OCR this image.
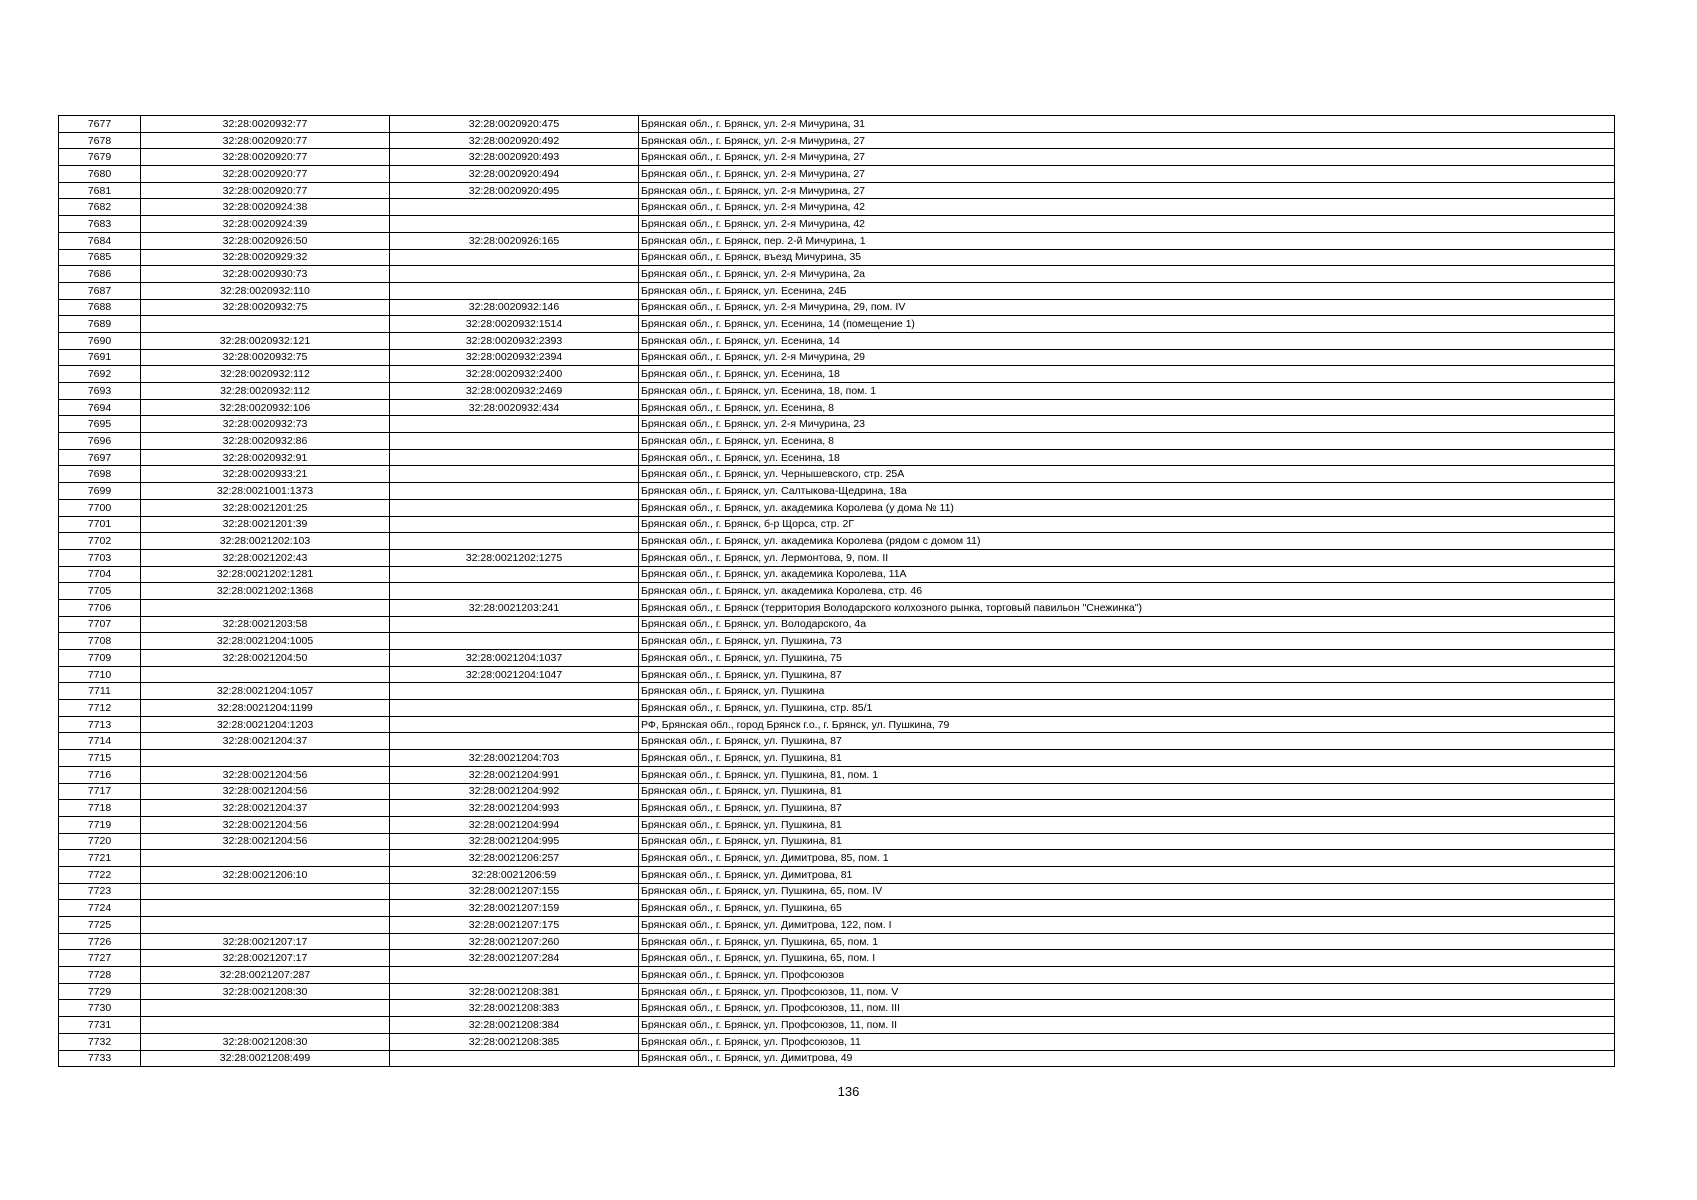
7677	32:28:0020932:77	32:28:0020920:475	Брянская обл., г. Брянск, ул. 2-я Мичурина, 31
7678	32:28:0020920:77	32:28:0020920:492	Брянская обл., г. Брянск, ул. 2-я Мичурина, 27
7679	32:28:0020920:77	32:28:0020920:493	Брянская обл., г. Брянск, ул. 2-я Мичурина, 27
7680	32:28:0020920:77	32:28:0020920:494	Брянская обл., г. Брянск, ул. 2-я Мичурина, 27
7681	32:28:0020920:77	32:28:0020920:495	Брянская обл., г. Брянск, ул. 2-я Мичурина, 27
7682	32:28:0020924:38		Брянская обл., г. Брянск, ул. 2-я Мичурина, 42
7683	32:28:0020924:39		Брянская обл., г. Брянск, ул. 2-я Мичурина, 42
7684	32:28:0020926:50	32:28:0020926:165	Брянская обл., г. Брянск, пер. 2-й Мичурина, 1
7685	32:28:0020929:32		Брянская обл., г. Брянск, въезд Мичурина, 35
7686	32:28:0020930:73		Брянская обл., г. Брянск, ул. 2-я Мичурина, 2а
7687	32:28:0020932:110		Брянская обл., г. Брянск, ул. Есенина, 24Б
7688	32:28:0020932:75	32:28:0020932:146	Брянская обл., г. Брянск, ул. 2-я Мичурина, 29, пом. IV
7689		32:28:0020932:1514	Брянская обл., г. Брянск, ул. Есенина, 14 (помещение 1)
7690	32:28:0020932:121	32:28:0020932:2393	Брянская обл., г. Брянск, ул. Есенина, 14
7691	32:28:0020932:75	32:28:0020932:2394	Брянская обл., г. Брянск, ул. 2-я Мичурина, 29
7692	32:28:0020932:112	32:28:0020932:2400	Брянская обл., г. Брянск, ул. Есенина, 18
7693	32:28:0020932:112	32:28:0020932:2469	Брянская обл., г. Брянск, ул. Есенина, 18, пом. 1
7694	32:28:0020932:106	32:28:0020932:434	Брянская обл., г. Брянск, ул. Есенина, 8
7695	32:28:0020932:73		Брянская обл., г. Брянск, ул. 2-я Мичурина, 23
7696	32:28:0020932:86		Брянская обл., г. Брянск, ул. Есенина, 8
7697	32:28:0020932:91		Брянская обл., г. Брянск, ул. Есенина, 18
7698	32:28:0020933:21		Брянская обл., г. Брянск, ул. Чернышевского, стр. 25А
7699	32:28:0021001:1373		Брянская обл., г. Брянск, ул. Салтыкова-Щедрина, 18а
7700	32:28:0021201:25		Брянская обл., г. Брянск, ул. академика Королева (у дома № 11)
7701	32:28:0021201:39		Брянская обл., г. Брянск, б-р Щорса, стр. 2Г
7702	32:28:0021202:103		Брянская обл., г. Брянск, ул. академика Королева (рядом с домом 11)
7703	32:28:0021202:43	32:28:0021202:1275	Брянская обл., г. Брянск, ул. Лермонтова, 9, пом. II
7704	32:28:0021202:1281		Брянская обл., г. Брянск, ул. академика Королева, 11А
7705	32:28:0021202:1368		Брянская обл., г. Брянск, ул. академика Королева, стр. 46
7706		32:28:0021203:241	Брянская обл., г. Брянск (территория Володарского колхозного рынка, торговый павильон "Снежинка")
7707	32:28:0021203:58		Брянская обл., г. Брянск, ул. Володарского, 4а
7708	32:28:0021204:1005		Брянская обл., г. Брянск, ул. Пушкина, 73
7709	32:28:0021204:50	32:28:0021204:1037	Брянская обл., г. Брянск, ул. Пушкина, 75
7710		32:28:0021204:1047	Брянская обл., г. Брянск, ул. Пушкина, 87
7711	32:28:0021204:1057		Брянская обл., г. Брянск, ул. Пушкина
7712	32:28:0021204:1199		Брянская обл., г. Брянск, ул. Пушкина, стр. 85/1
7713	32:28:0021204:1203		РФ, Брянская обл., город Брянск г.о., г. Брянск, ул. Пушкина, 79
7714	32:28:0021204:37		Брянская обл., г. Брянск, ул. Пушкина, 87
7715		32:28:0021204:703	Брянская обл., г. Брянск, ул. Пушкина, 81
7716	32:28:0021204:56	32:28:0021204:991	Брянская обл., г. Брянск, ул. Пушкина, 81, пом. 1
7717	32:28:0021204:56	32:28:0021204:992	Брянская обл., г. Брянск, ул. Пушкина, 81
7718	32:28:0021204:37	32:28:0021204:993	Брянская обл., г. Брянск, ул. Пушкина, 87
7719	32:28:0021204:56	32:28:0021204:994	Брянская обл., г. Брянск, ул. Пушкина, 81
7720	32:28:0021204:56	32:28:0021204:995	Брянская обл., г. Брянск, ул. Пушкина, 81
7721		32:28:0021206:257	Брянская обл., г. Брянск, ул. Димитрова, 85, пом. 1
7722	32:28:0021206:10	32:28:0021206:59	Брянская обл., г. Брянск, ул. Димитрова, 81
7723		32:28:0021207:155	Брянская обл., г. Брянск, ул. Пушкина, 65, пом. IV
7724		32:28:0021207:159	Брянская обл., г. Брянск, ул. Пушкина, 65
7725		32:28:0021207:175	Брянская обл., г. Брянск, ул. Димитрова, 122, пом. I
7726	32:28:0021207:17	32:28:0021207:260	Брянская обл., г. Брянск, ул. Пушкина, 65, пом. 1
7727	32:28:0021207:17	32:28:0021207:284	Брянская обл., г. Брянск, ул. Пушкина, 65, пом. I
7728	32:28:0021207:287		Брянская обл., г. Брянск, ул. Профсоюзов
7729	32:28:0021208:30	32:28:0021208:381	Брянская обл., г. Брянск, ул. Профсоюзов, 11, пом. V
7730		32:28:0021208:383	Брянская обл., г. Брянск, ул. Профсоюзов, 11, пом. III
7731		32:28:0021208:384	Брянская обл., г. Брянск, ул. Профсоюзов, 11, пом. II
7732	32:28:0021208:30	32:28:0021208:385	Брянская обл., г. Брянск, ул. Профсоюзов, 11
7733	32:28:0021208:499		Брянская обл., г. Брянск, ул. Димитрова, 49
136
